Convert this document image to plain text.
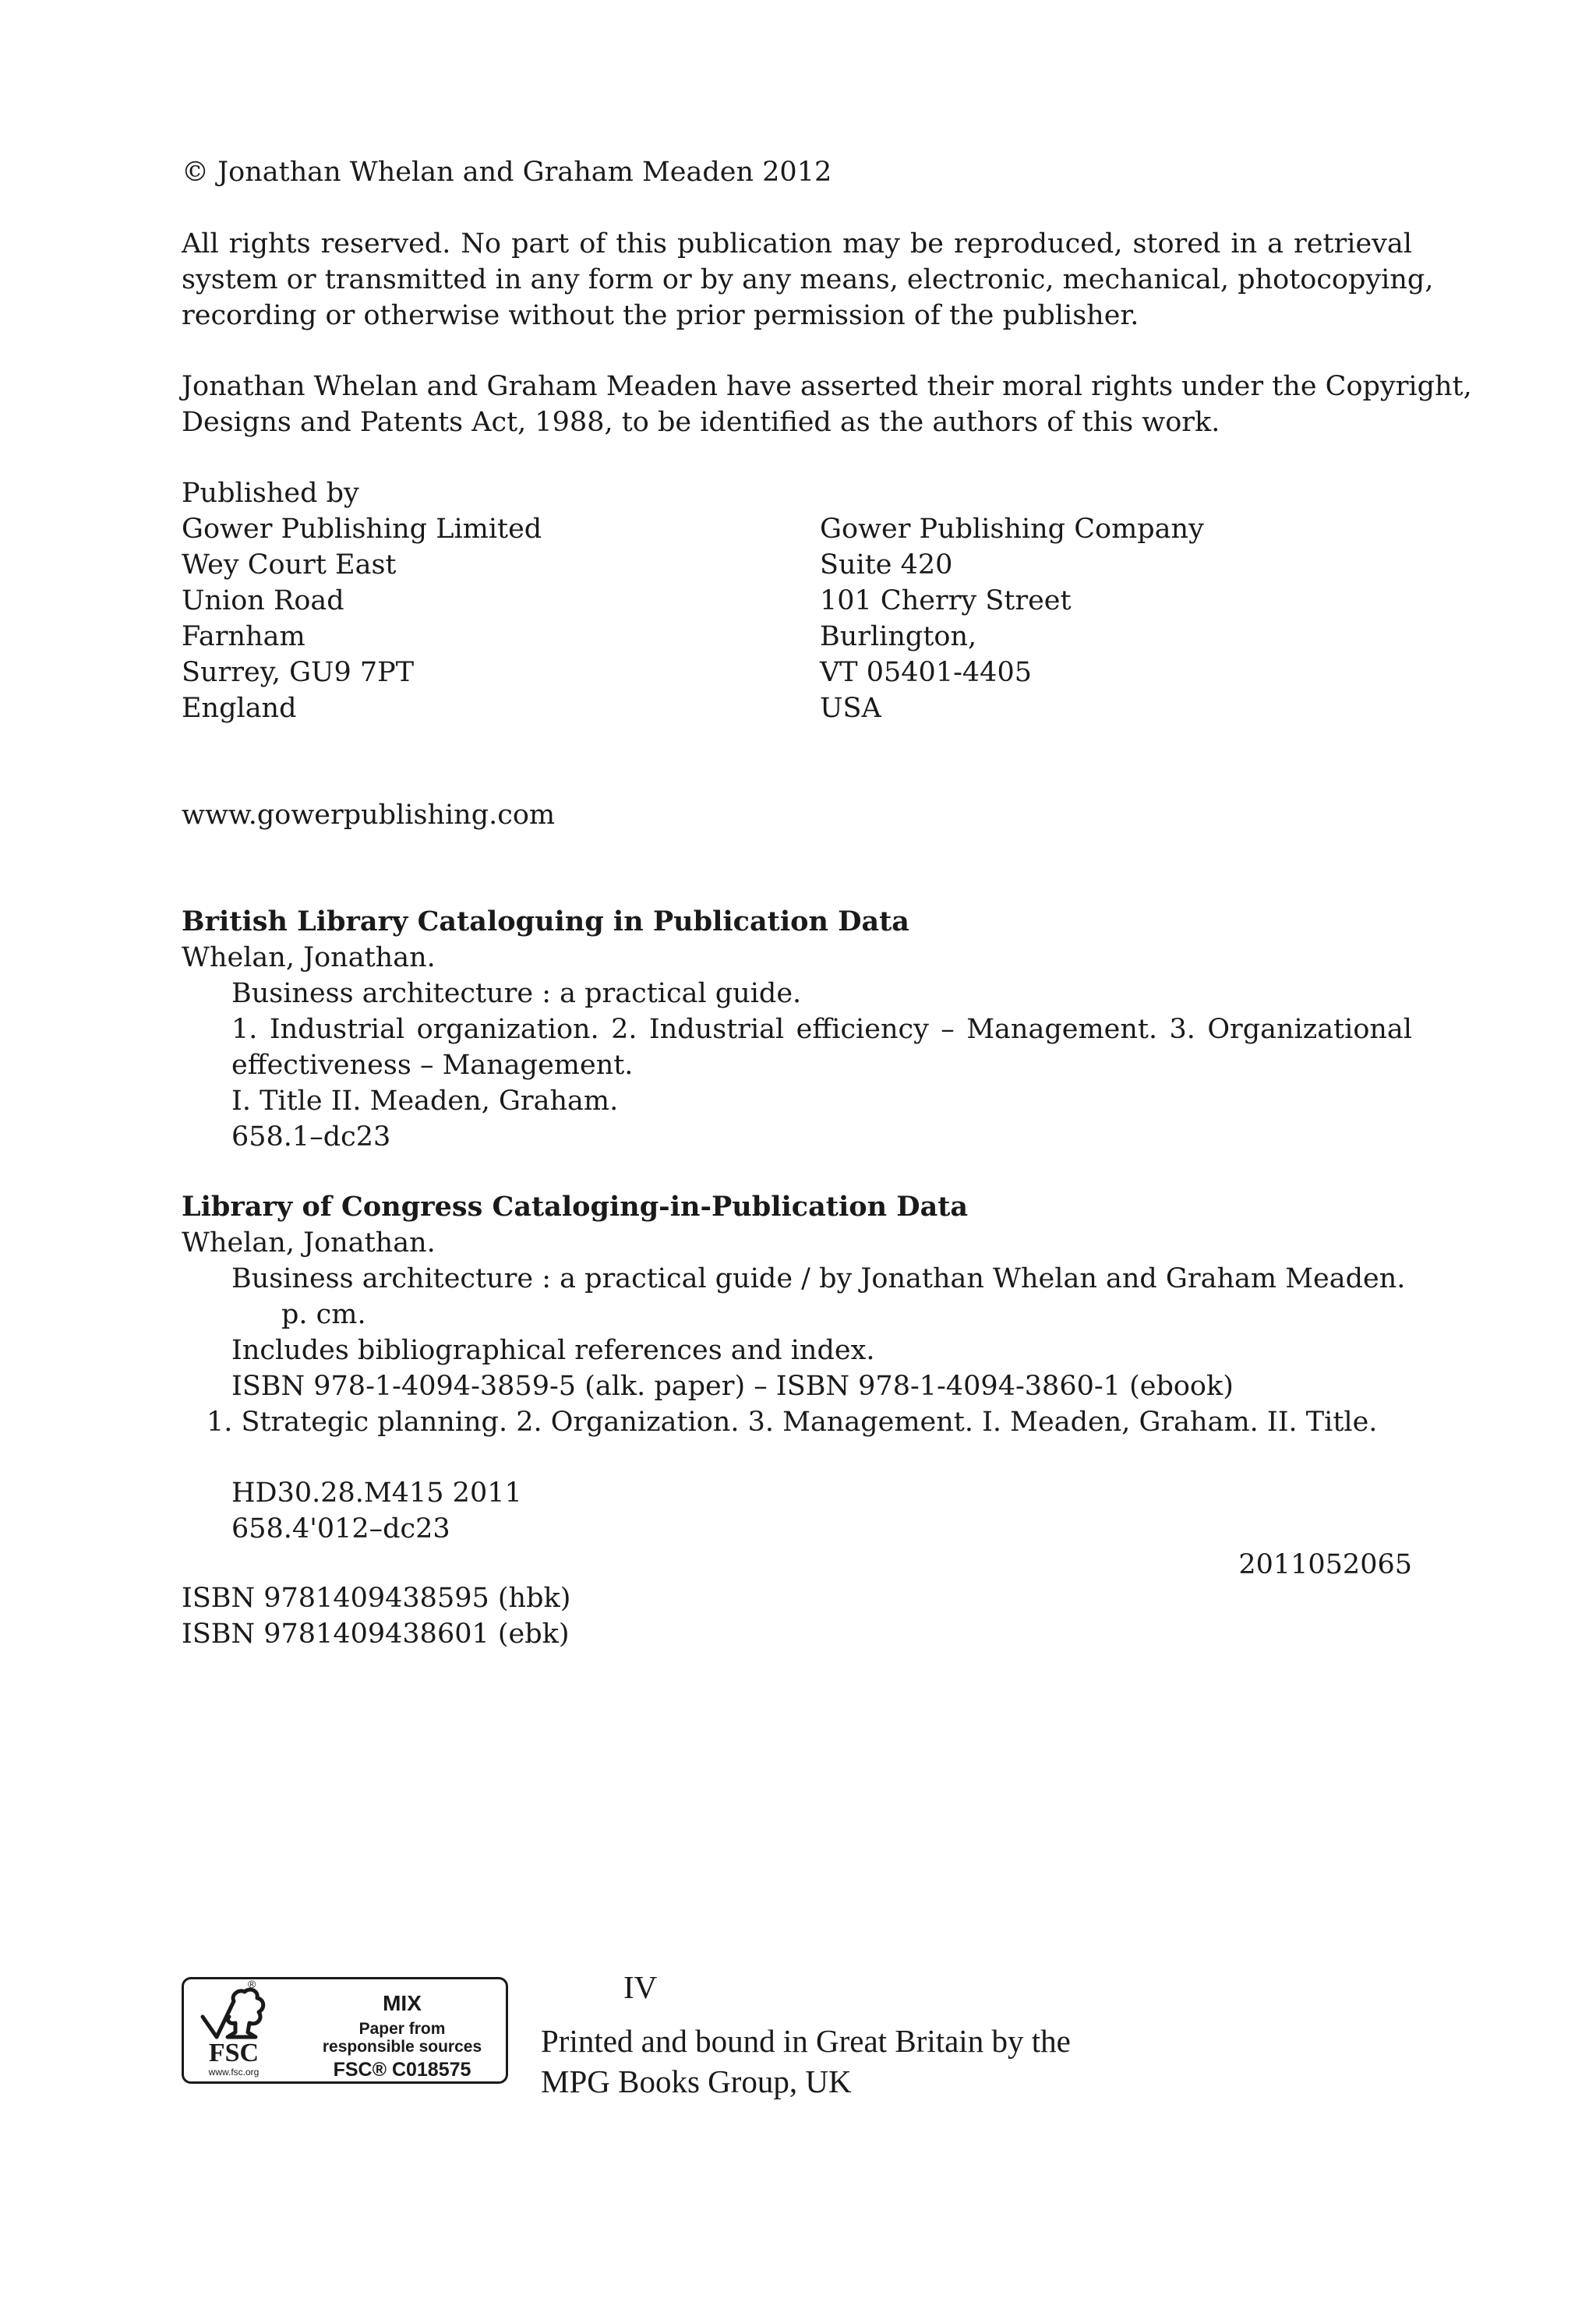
© Jonathan Whelan and Graham Meaden 2012
All rights reserved. No part of this publication may be reproduced, stored in a retrieval
system or transmitted in any form or by any means, electronic, mechanical, photocopying,
recording or otherwise without the prior permission of the publisher.
Jonathan Whelan and Graham Meaden have asserted their moral rights under the Copyright,
Designs and Patents Act, 1988, to be identified as the authors of this work.
Published by
Gower Publishing Limited
Wey Court East
Union Road
Farnham
Surrey, GU9 7PT
England
Gower Publishing Company
Suite 420
101 Cherry Street
Burlington,
VT 05401-4405
USA
www.gowerpublishing.com
British Library Cataloguing in Publication Data
Whelan, Jonathan.
Business architecture : a practical guide.
1. Industrial organization. 2. Industrial efficiency – Management. 3. Organizational
effectiveness – Management.
I. Title II. Meaden, Graham.
658.1–dc23
Library of Congress Cataloging-in-Publication Data
Whelan, Jonathan.
Business architecture : a practical guide / by Jonathan Whelan and Graham Meaden.
p. cm.
Includes bibliographical references and index.
ISBN 978-1-4094-3859-5 (alk. paper) – ISBN 978-1-4094-3860-1 (ebook)
1. Strategic planning. 2. Organization. 3. Management. I. Meaden, Graham. II. Title.
HD30.28.M415 2011
658.4'012–dc23
2011052065
ISBN 9781409438595 (hbk)
ISBN 9781409438601 (ebk)
IV
®
FSC
www.fsc.org
MIX
Paper from
responsible sources
FSC® C018575
Printed and bound in Great Britain by the
MPG Books Group, UK
